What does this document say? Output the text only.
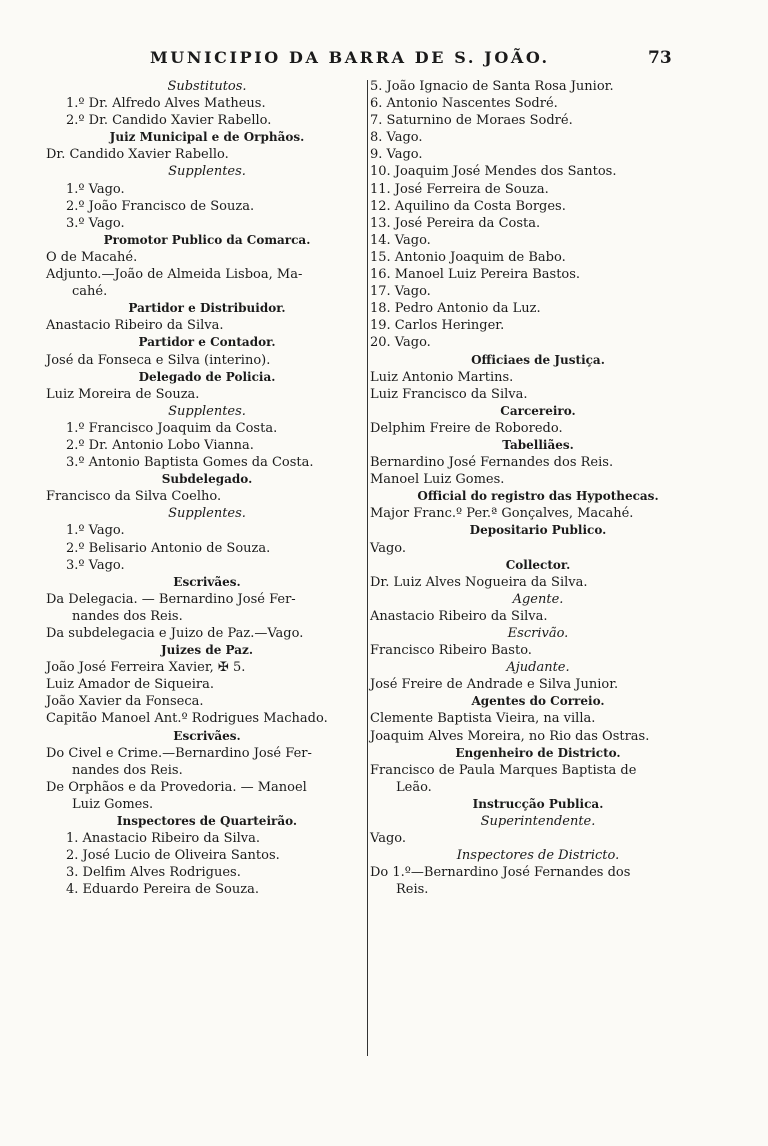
MUNICIPIO DA BARRA DE S. JOÃO.	73
Substitutos.
1.º Dr. Alfredo Alves Matheus.
2.º Dr. Candido Xavier Rabello.
Juiz Municipal e de Orphãos.
Dr. Candido Xavier Rabello.
Supplentes.
1.º Vago.
2.º João Francisco de Souza.
3.º Vago.
Promotor Publico da Comarca.
O de Macahé.
Adjunto.—João de Almeida Lisboa, Ma-
cahé.
Partidor e Distribuidor.
Anastacio Ribeiro da Silva.
Partidor e Contador.
José da Fonseca e Silva (interino).
Delegado de Policia.
Luiz Moreira de Souza.
Supplentes.
1.º Francisco Joaquim da Costa.
2.º Dr. Antonio Lobo Vianna.
3.º Antonio Baptista Gomes da Costa.
Subdelegado.
Francisco da Silva Coelho.
Supplentes.
1.º Vago.
2.º Belisario Antonio de Souza.
3.º Vago.
Escrivães.
Da Delegacia. — Bernardino José Fer-
nandes dos Reis.
Da subdelegacia e Juizo de Paz.—Vago.
Juizes de Paz.
João José Ferreira Xavier, ✠ 5.
Luiz Amador de Siqueira.
João Xavier da Fonseca.
Capitão Manoel Ant.º Rodrigues Machado.
Escrivães.
Do Civel e Crime.—Bernardino José Fer-
nandes dos Reis.
De Orphãos e da Provedoria. — Manoel
Luiz Gomes.
Inspectores de Quarteirão.
1. Anastacio Ribeiro da Silva.
2. José Lucio de Oliveira Santos.
3. Delfim Alves Rodrigues.
4. Eduardo Pereira de Souza.
5. João Ignacio de Santa Rosa Junior.
6. Antonio Nascentes Sodré.
7. Saturnino de Moraes Sodré.
8. Vago.
9. Vago.
10. Joaquim José Mendes dos Santos.
11. José Ferreira de Souza.
12. Aquilino da Costa Borges.
13. José Pereira da Costa.
14. Vago.
15. Antonio Joaquim de Babo.
16. Manoel Luiz Pereira Bastos.
17. Vago.
18. Pedro Antonio da Luz.
19. Carlos Heringer.
20. Vago.
Officiaes de Justiça.
Luiz Antonio Martins.
Luiz Francisco da Silva.
Carcereiro.
Delphim Freire de Roboredo.
Tabelliães.
Bernardino José Fernandes dos Reis.
Manoel Luiz Gomes.
Official do registro das Hypothecas.
Major Franc.º Per.ª Gonçalves, Macahé.
Depositario Publico.
Vago.
Collector.
Dr. Luiz Alves Nogueira da Silva.
Agente.
Anastacio Ribeiro da Silva.
Escrivão.
Francisco Ribeiro Basto.
Ajudante.
José Freire de Andrade e Silva Junior.
Agentes do Correio.
Clemente Baptista Vieira, na villa.
Joaquim Alves Moreira, no Rio das Ostras.
Engenheiro de Districto.
Francisco de Paula Marques Baptista de
Leão.
Instrucção Publica.
Superintendente.
Vago.
Inspectores de Districto.
Do 1.º—Bernardino José Fernandes dos
Reis.
